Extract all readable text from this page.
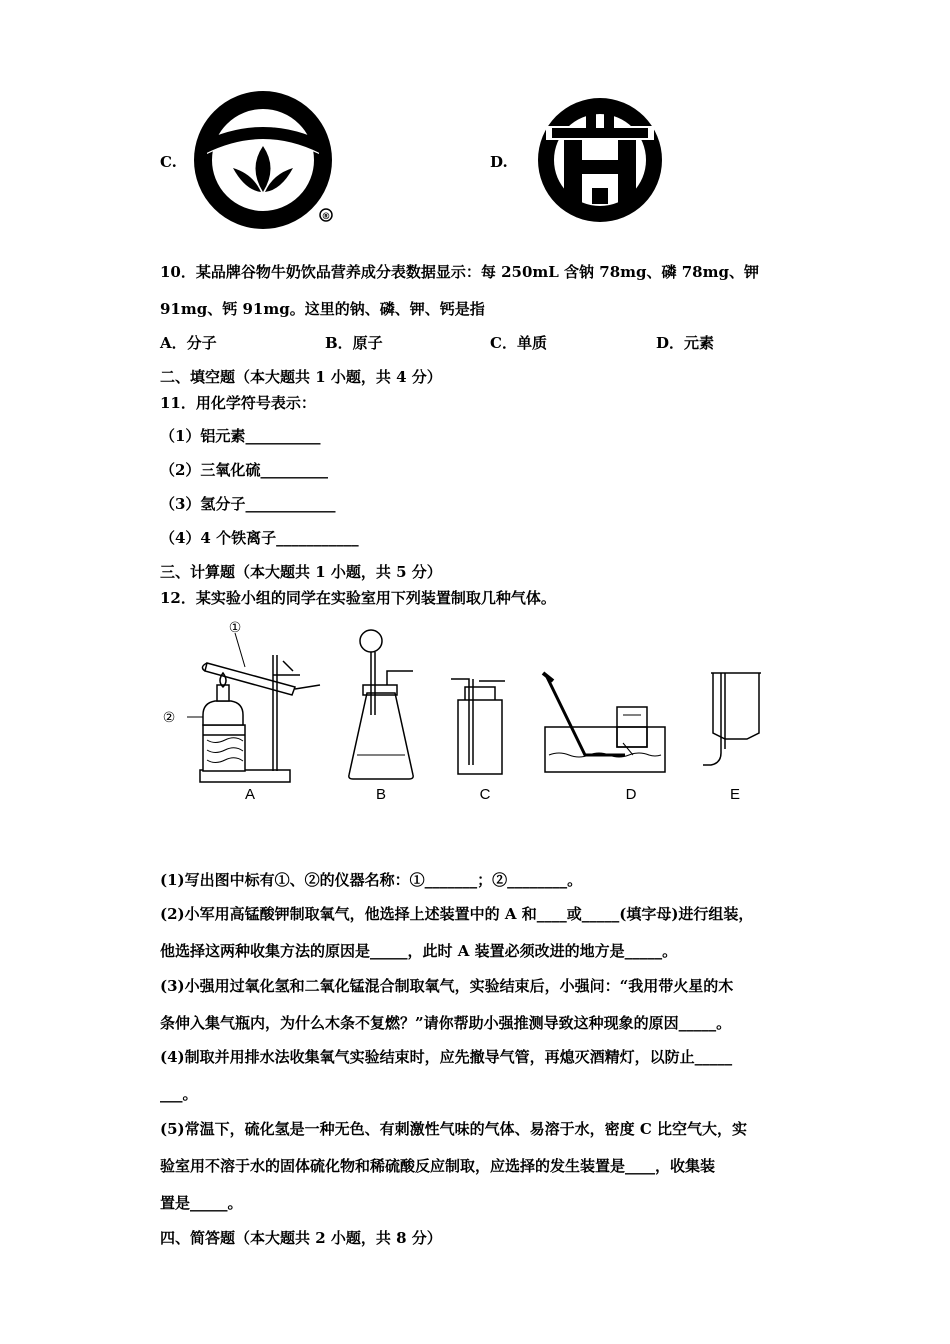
C.
®
D.
10．某品牌谷物牛奶饮品营养成分表数据显示：每 250mL 含钠 78mg、磷 78mg、钾
91mg、钙 91mg。这里的钠、磷、钾、钙是指
A．分子	B．原子	C．单质	D．元素
二、填空题（本大题共 1 小题，共 4 分）
11．用化学符号表示：
（1）铝元素__________
（2）三氧化硫_________
（3）氢分子____________
（4）4 个铁离子___________
三、计算题（本大题共 1 小题，共 5 分）
12．某实验小组的同学在实验室用下列装置制取几种气体。
①
②
A	B	C	D	E
(1)写出图中标有①、②的仪器名称：①_______；②________。
(2)小军用高锰酸钾制取氧气，他选择上述装置中的 A 和____或_____(填字母)进行组装，
他选择这两种收集方法的原因是_____，此时 A 装置必须改进的地方是_____。
(3)小强用过氧化氢和二氧化锰混合制取氧气，实验结束后，小强问：“我用带火星的木
条伸入集气瓶内，为什么木条不复燃？”请你帮助小强推测导致这种现象的原因_____。
(4)制取并用排水法收集氧气实验结束时，应先撤导气管，再熄灭酒精灯，以防止_____
___。
(5)常温下，硫化氢是一种无色、有刺激性气味的气体、易溶于水，密度 C 比空气大，实
验室用不溶于水的固体硫化物和稀硫酸反应制取，应选择的发生装置是____，收集装
置是_____。
四、简答题（本大题共 2 小题，共 8 分）
